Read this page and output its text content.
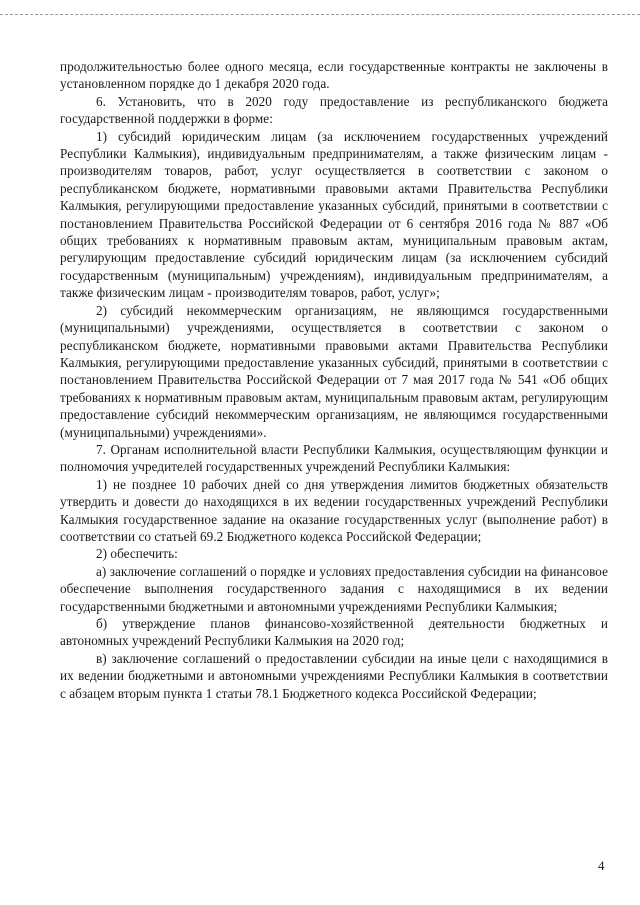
продолжительностью более одного месяца, если государственные контракты не заключены в установленном порядке до 1 декабря 2020 года.

6. Установить, что в 2020 году предоставление из республиканского бюджета государственной поддержки в форме:

1) субсидий юридическим лицам (за исключением государственных учреждений Республики Калмыкия), индивидуальным предпринимателям, а также физическим лицам - производителям товаров, работ, услуг осуществляется в соответствии с законом о республиканском бюджете, нормативными правовыми актами Правительства Республики Калмыкия, регулирующими предоставление указанных субсидий, принятыми в соответствии с постановлением Правительства Российской Федерации от 6 сентября 2016 года № 887 «Об общих требованиях к нормативным правовым актам, муниципальным правовым актам, регулирующим предоставление субсидий юридическим лицам (за исключением субсидий государственным (муниципальным) учреждениям), индивидуальным предпринимателям, а также физическим лицам - производителям товаров, работ, услуг»;

2) субсидий некоммерческим организациям, не являющимся государственными (муниципальными) учреждениями, осуществляется в соответствии с законом о республиканском бюджете, нормативными правовыми актами Правительства Республики Калмыкия, регулирующими предоставление указанных субсидий, принятыми в соответствии с постановлением Правительства Российской Федерации от 7 мая 2017 года № 541 «Об общих требованиях к нормативным правовым актам, муниципальным правовым актам, регулирующим предоставление субсидий некоммерческим организациям, не являющимся государственными (муниципальными) учреждениями».

7. Органам исполнительной власти Республики Калмыкия, осуществляющим функции и полномочия учредителей государственных учреждений Республики Калмыкия:

1) не позднее 10 рабочих дней со дня утверждения лимитов бюджетных обязательств утвердить и довести до находящихся в их ведении государственных учреждений Республики Калмыкия государственное задание на оказание государственных услуг (выполнение работ) в соответствии со статьей 69.2 Бюджетного кодекса Российской Федерации;

2) обеспечить:

а) заключение соглашений о порядке и условиях предоставления субсидии на финансовое обеспечение выполнения государственного задания с находящимися в их ведении государственными бюджетными и автономными учреждениями Республики Калмыкия;

б) утверждение планов финансово-хозяйственной деятельности бюджетных и автономных учреждений Республики Калмыкия на 2020 год;

в) заключение соглашений о предоставлении субсидии на иные цели с находящимися в их ведении бюджетными и автономными учреждениями Республики Калмыкия в соответствии с абзацем вторым пункта 1 статьи 78.1 Бюджетного кодекса Российской Федерации;

4
